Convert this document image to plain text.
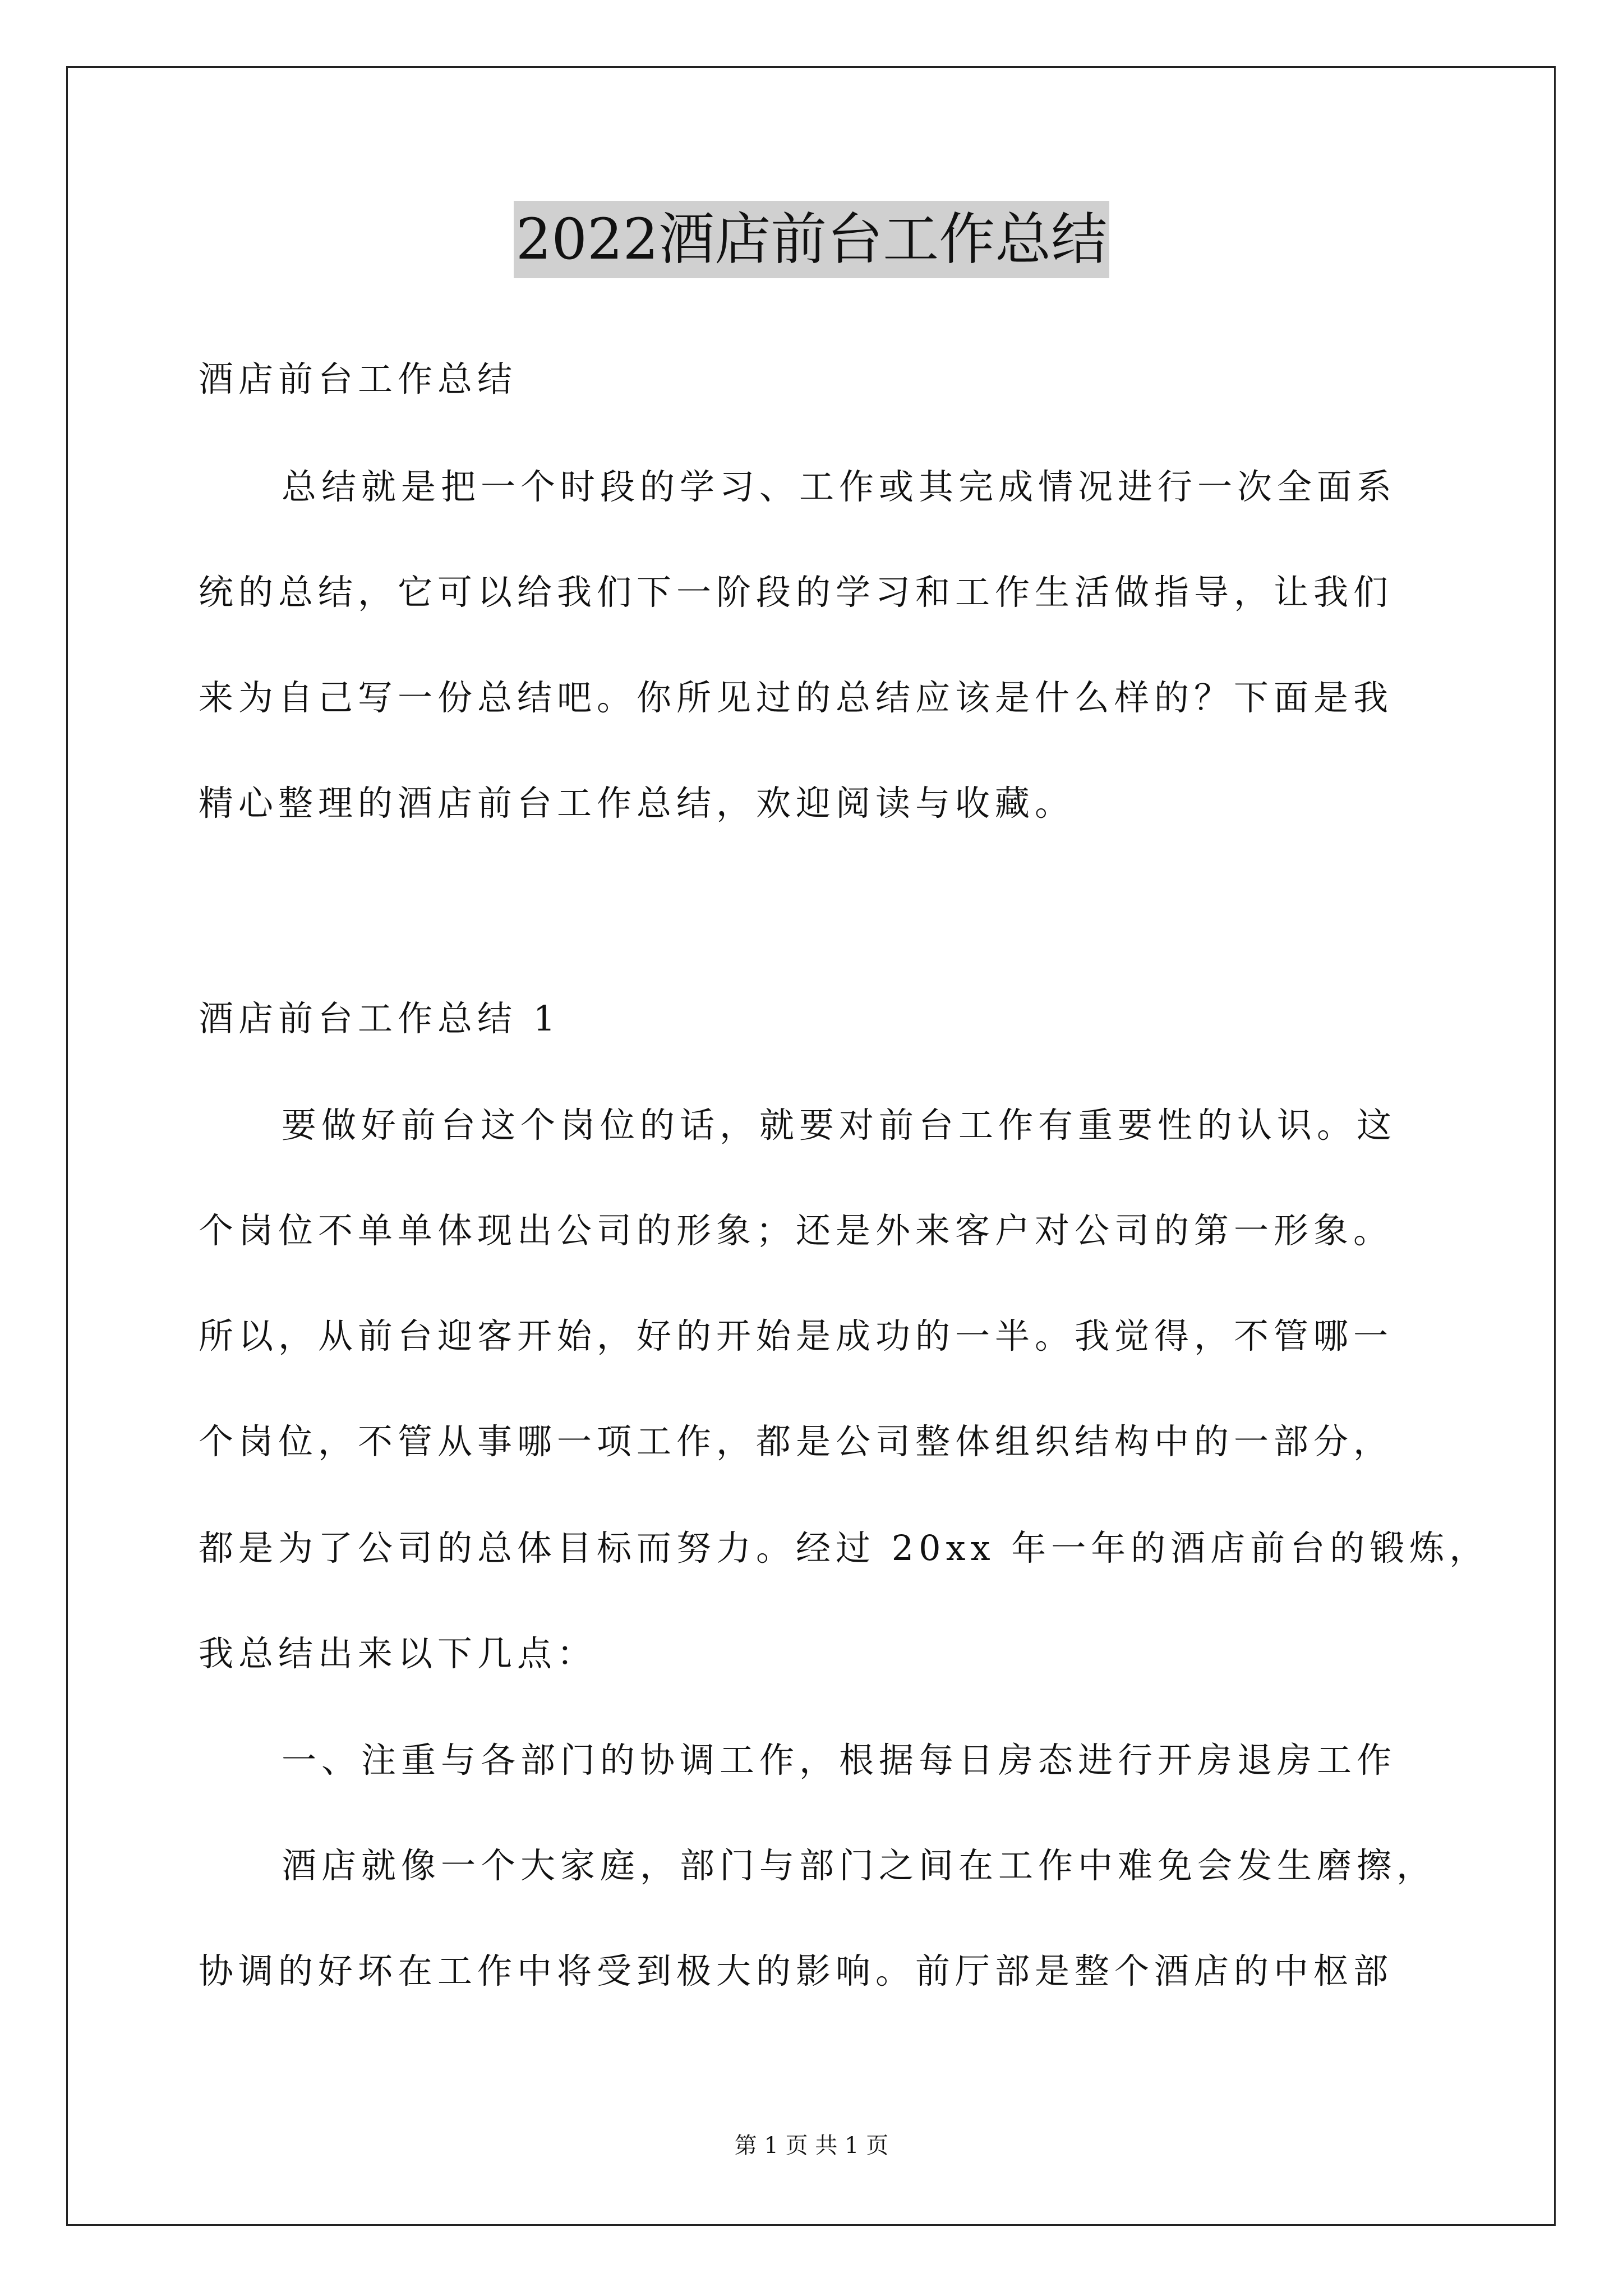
2022酒店前台工作总结
酒店前台工作总结
总结就是把一个时段的学习、工作或其完成情况进行一次全面系
统的总结，它可以给我们下一阶段的学习和工作生活做指导，让我们
来为自己写一份总结吧。你所见过的总结应该是什么样的？下面是我
精心整理的酒店前台工作总结，欢迎阅读与收藏。
酒店前台工作总结 1
要做好前台这个岗位的话，就要对前台工作有重要性的认识。这
个岗位不单单体现出公司的形象；还是外来客户对公司的第一形象。
所以，从前台迎客开始，好的开始是成功的一半。我觉得，不管哪一
个岗位，不管从事哪一项工作，都是公司整体组织结构中的一部分，
都是为了公司的总体目标而努力。经过 20xx 年一年的酒店前台的锻炼，
我总结出来以下几点：
一、注重与各部门的协调工作，根据每日房态进行开房退房工作
酒店就像一个大家庭，部门与部门之间在工作中难免会发生磨擦，
协调的好坏在工作中将受到极大的影响。前厅部是整个酒店的中枢部
第 1 页 共 1 页
